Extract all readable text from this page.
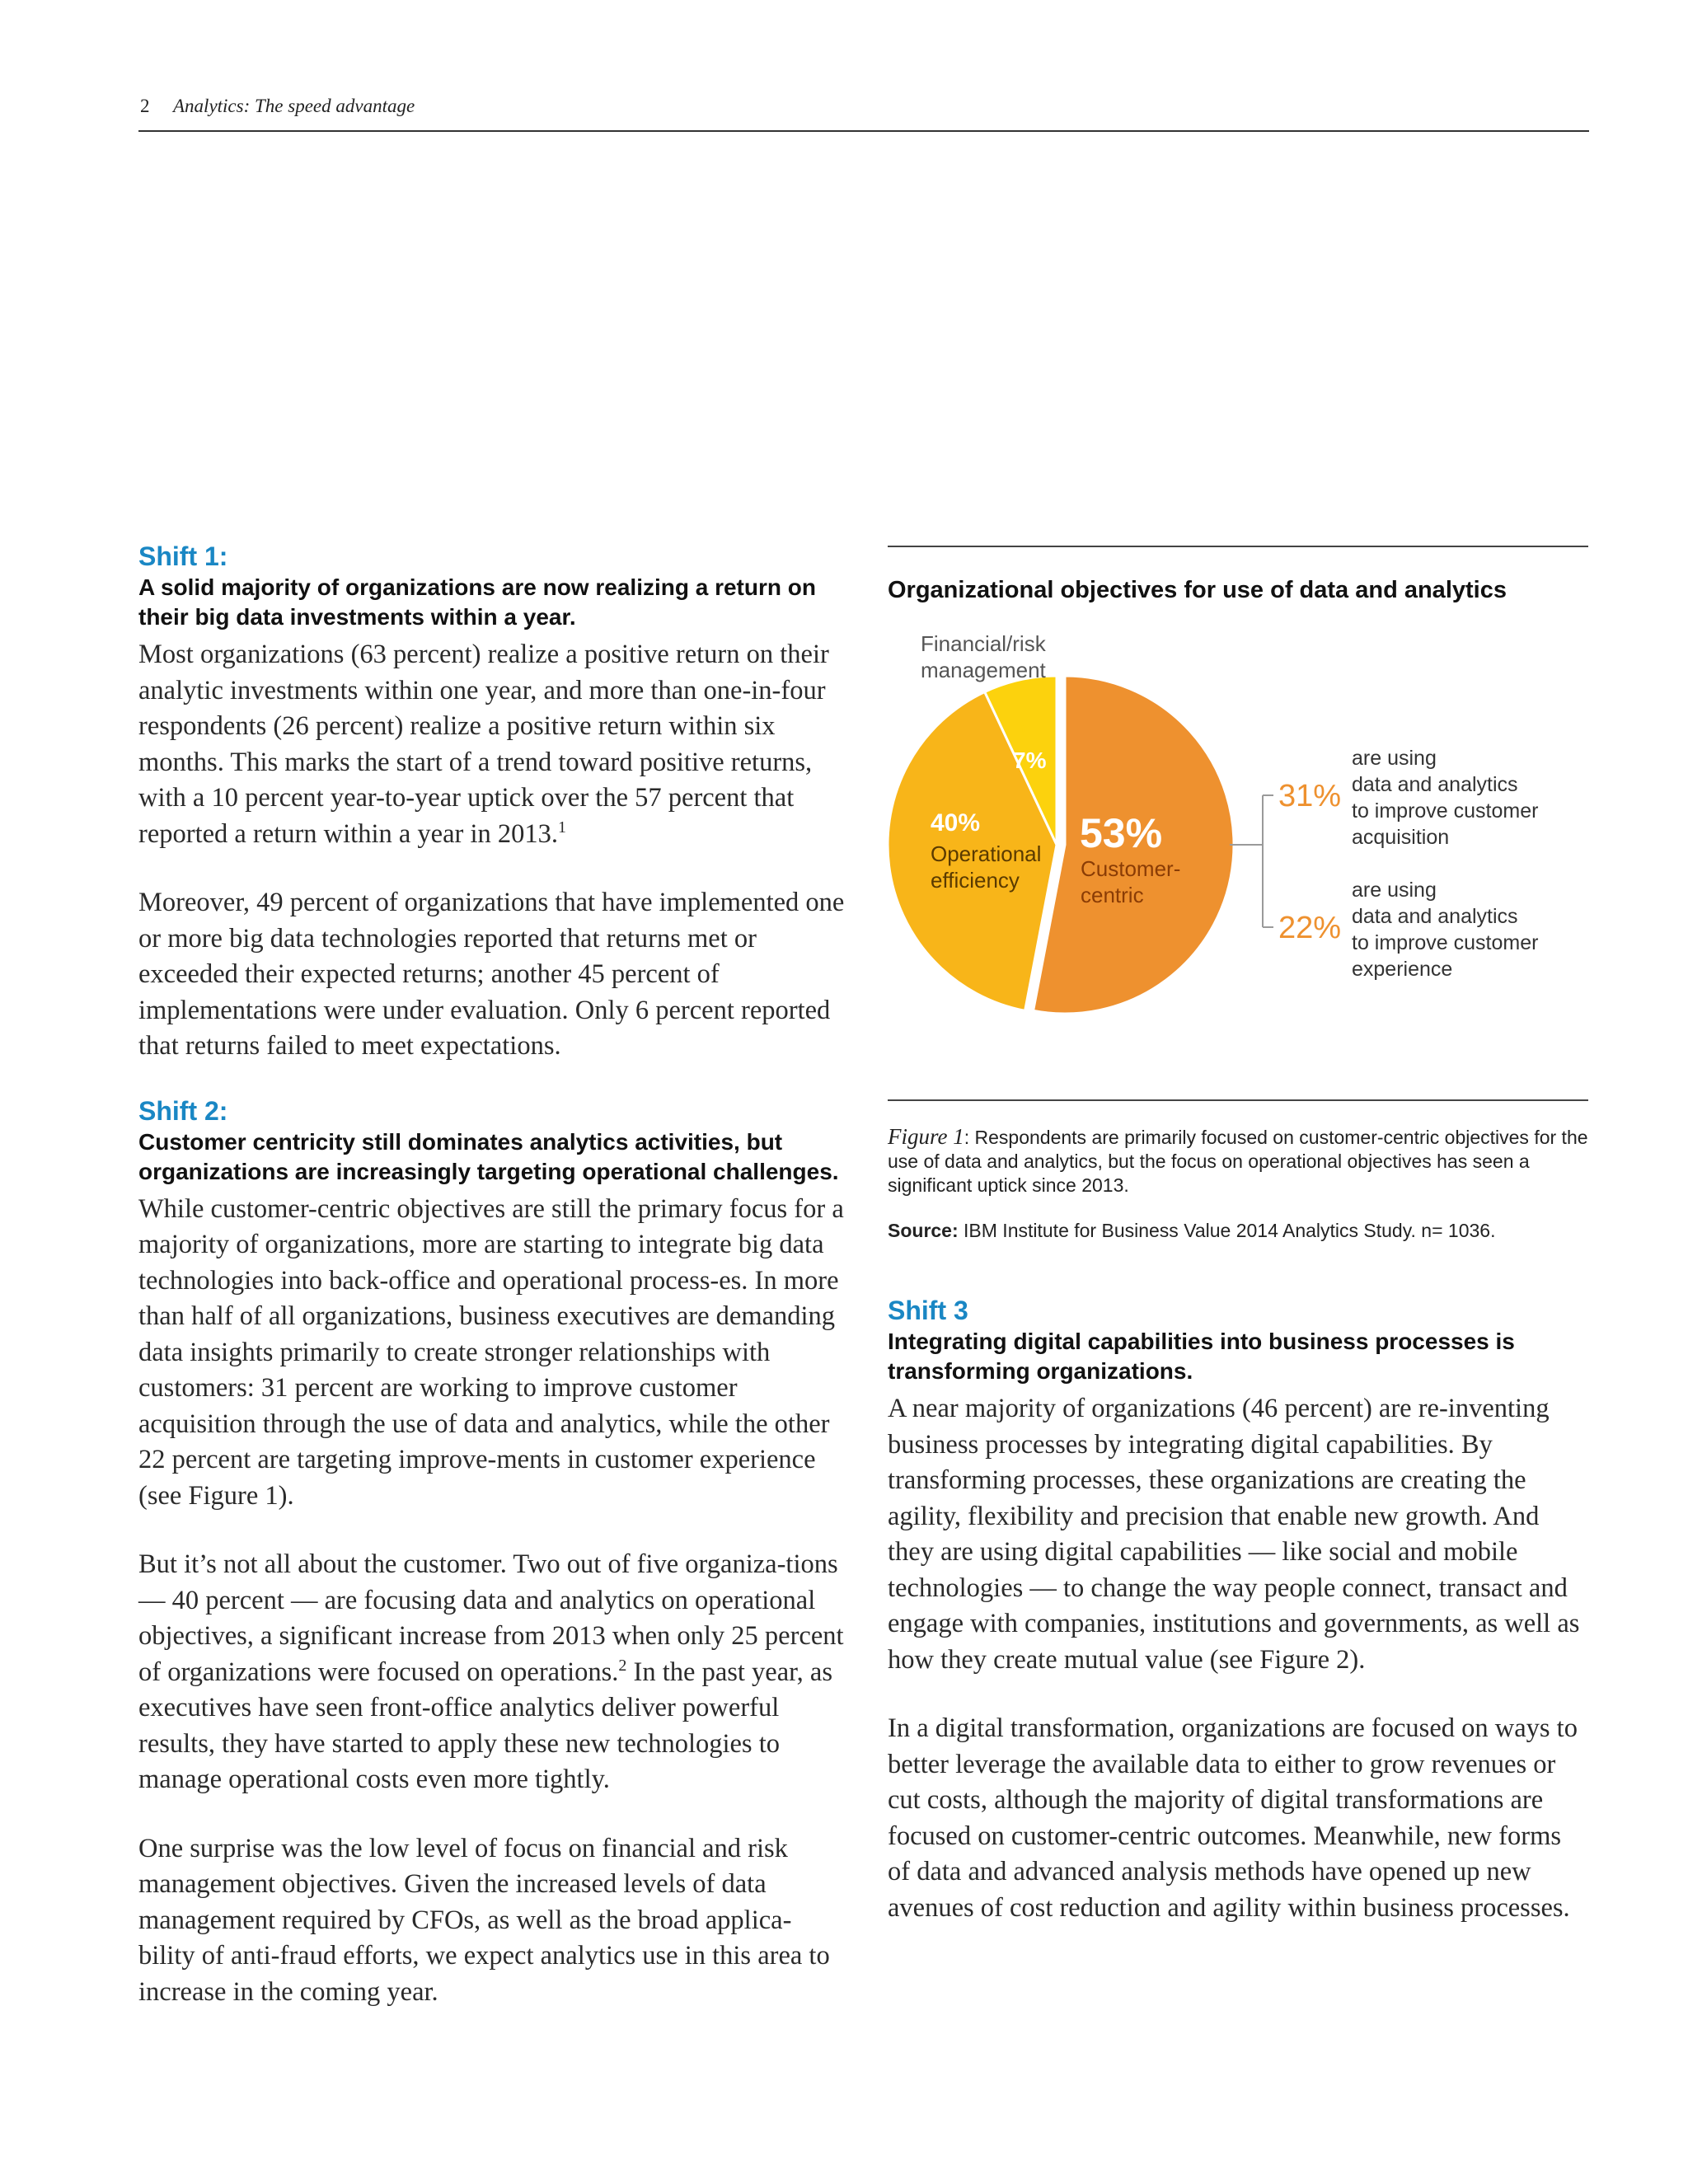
2 Analytics: The speed advantage

Shift 1:

A solid majority of organizations are now realizing a return on their big data investments within a year.

Most organizations (63 percent) realize a positive return on their analytic investments within one year, and more than one-in-four respondents (26 percent) realize a positive return within six months. This marks the start of a trend toward positive returns, with a 10 percent year-to-year uptick over the 57 percent that reported a return within a year in 2013.$^1$

Moreover, 49 percent of organizations that have implemented one or more big data technologies reported that returns met or exceeded their expected returns; another 45 percent of implementations were under evaluation. Only 6 percent reported that returns failed to meet expectations.

Shift 2:

Customer centricity still dominates analytics activities, but organizations are increasingly targeting operational challenges.

While customer-centric objectives are still the primary focus for a majority of organizations, more are starting to integrate big data technologies into back-office and operational process-es. In more than half of all organizations, business executives are demanding data insights primarily to create stronger relationships with customers: 31 percent are working to improve customer acquisition through the use of data and analytics, while the other 22 percent are targeting improve-ments in customer experience (see Figure 1).

But it’s not all about the customer. Two out of five organiza-tions — 40 percent — are focusing data and analytics on operational objectives, a significant increase from 2013 when only 25 percent of organizations were focused on operations.$^2$ In the past year, as executives have seen front-office analytics deliver powerful results, they have started to apply these new technologies to manage operational costs even more tightly.

One surprise was the low level of focus on financial and risk management objectives. Given the increased levels of data management required by CFOs, as well as the broad applica-bility of anti-fraud efforts, we expect analytics use in this area to increase in the coming year.

Organizational objectives for use of data and analytics
53%
Customer-
centric
40%
Operational
efficiency
7%
Financial/risk
management
31%
are using
data and analytics
to improve customer
acquisition
22%
are using
data and analytics
to improve customer
experience
Figure 1: Respondents are primarily focused on customer-centric objectives for the use of data and analytics, but the focus on operational objectives has seen a significant uptick since 2013.
Source: IBM Institute for Business Value 2014 Analytics Study. n= 1036.

Shift 3

Integrating digital capabilities into business processes is transforming organizations.

A near majority of organizations (46 percent) are re-inventing business processes by integrating digital capabilities. By transforming processes, these organizations are creating the agility, flexibility and precision that enable new growth. And they are using digital capabilities — like social and mobile technologies — to change the way people connect, transact and engage with companies, institutions and governments, as well as how they create mutual value (see Figure 2).

In a digital transformation, organizations are focused on ways to better leverage the available data to either to grow revenues or cut costs, although the majority of digital transformations are focused on customer-centric outcomes. Meanwhile, new forms of data and advanced analysis methods have opened up new avenues of cost reduction and agility within business processes.
